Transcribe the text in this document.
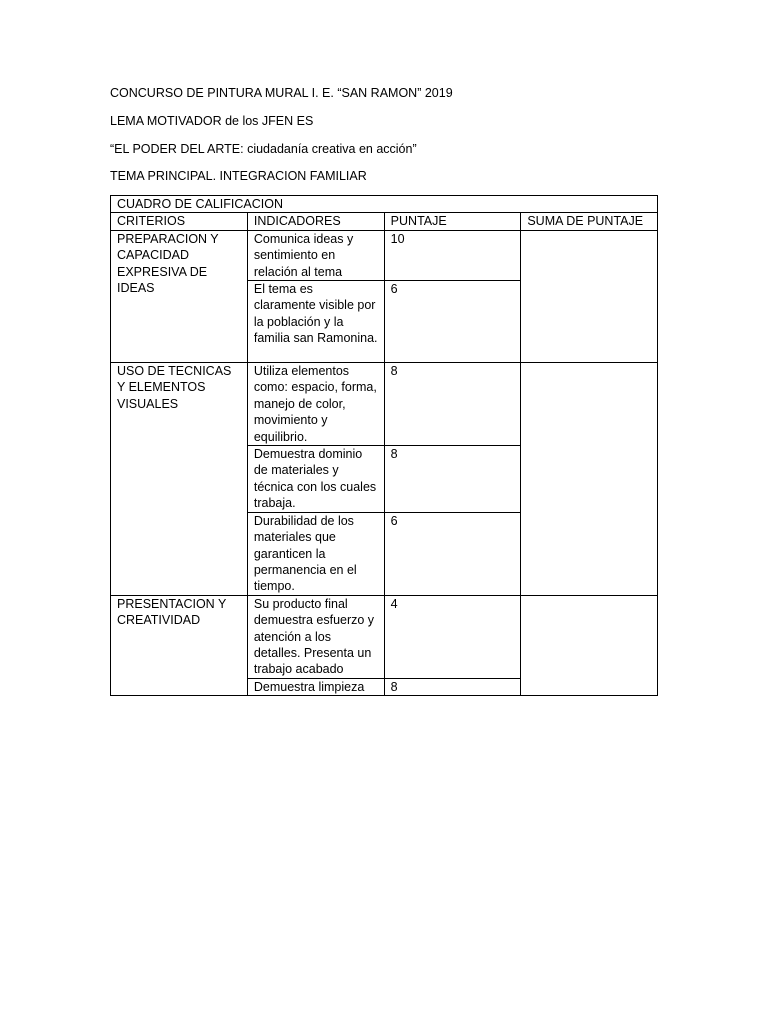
CONCURSO DE PINTURA MURAL I. E. “SAN RAMON” 2019
LEMA MOTIVADOR de los JFEN ES
“EL PODER DEL ARTE: ciudadanía creativa en acción”
TEMA PRINCIPAL. INTEGRACION FAMILIAR
CUADRO DE CALIFICACION			
CRITERIOS	INDICADORES	PUNTAJE	SUMA DE PUNTAJE
PREPARACION Y CAPACIDAD EXPRESIVA DE IDEAS	Comunica ideas y sentimiento en relación al tema	10	
	El tema es claramente visible por la población y la familia san Ramonina.	6	
USO DE TECNICAS Y ELEMENTOS VISUALES	Utiliza elementos como: espacio, forma, manejo de color, movimiento y equilibrio.	8	
	Demuestra dominio de materiales y técnica con los cuales trabaja.	8	
	Durabilidad de los materiales que garanticen la permanencia en el tiempo.	6	
PRESENTACION Y CREATIVIDAD	Su producto final demuestra esfuerzo y atención a los detalles. Presenta un trabajo acabado	4	
	Demuestra limpieza	8	
